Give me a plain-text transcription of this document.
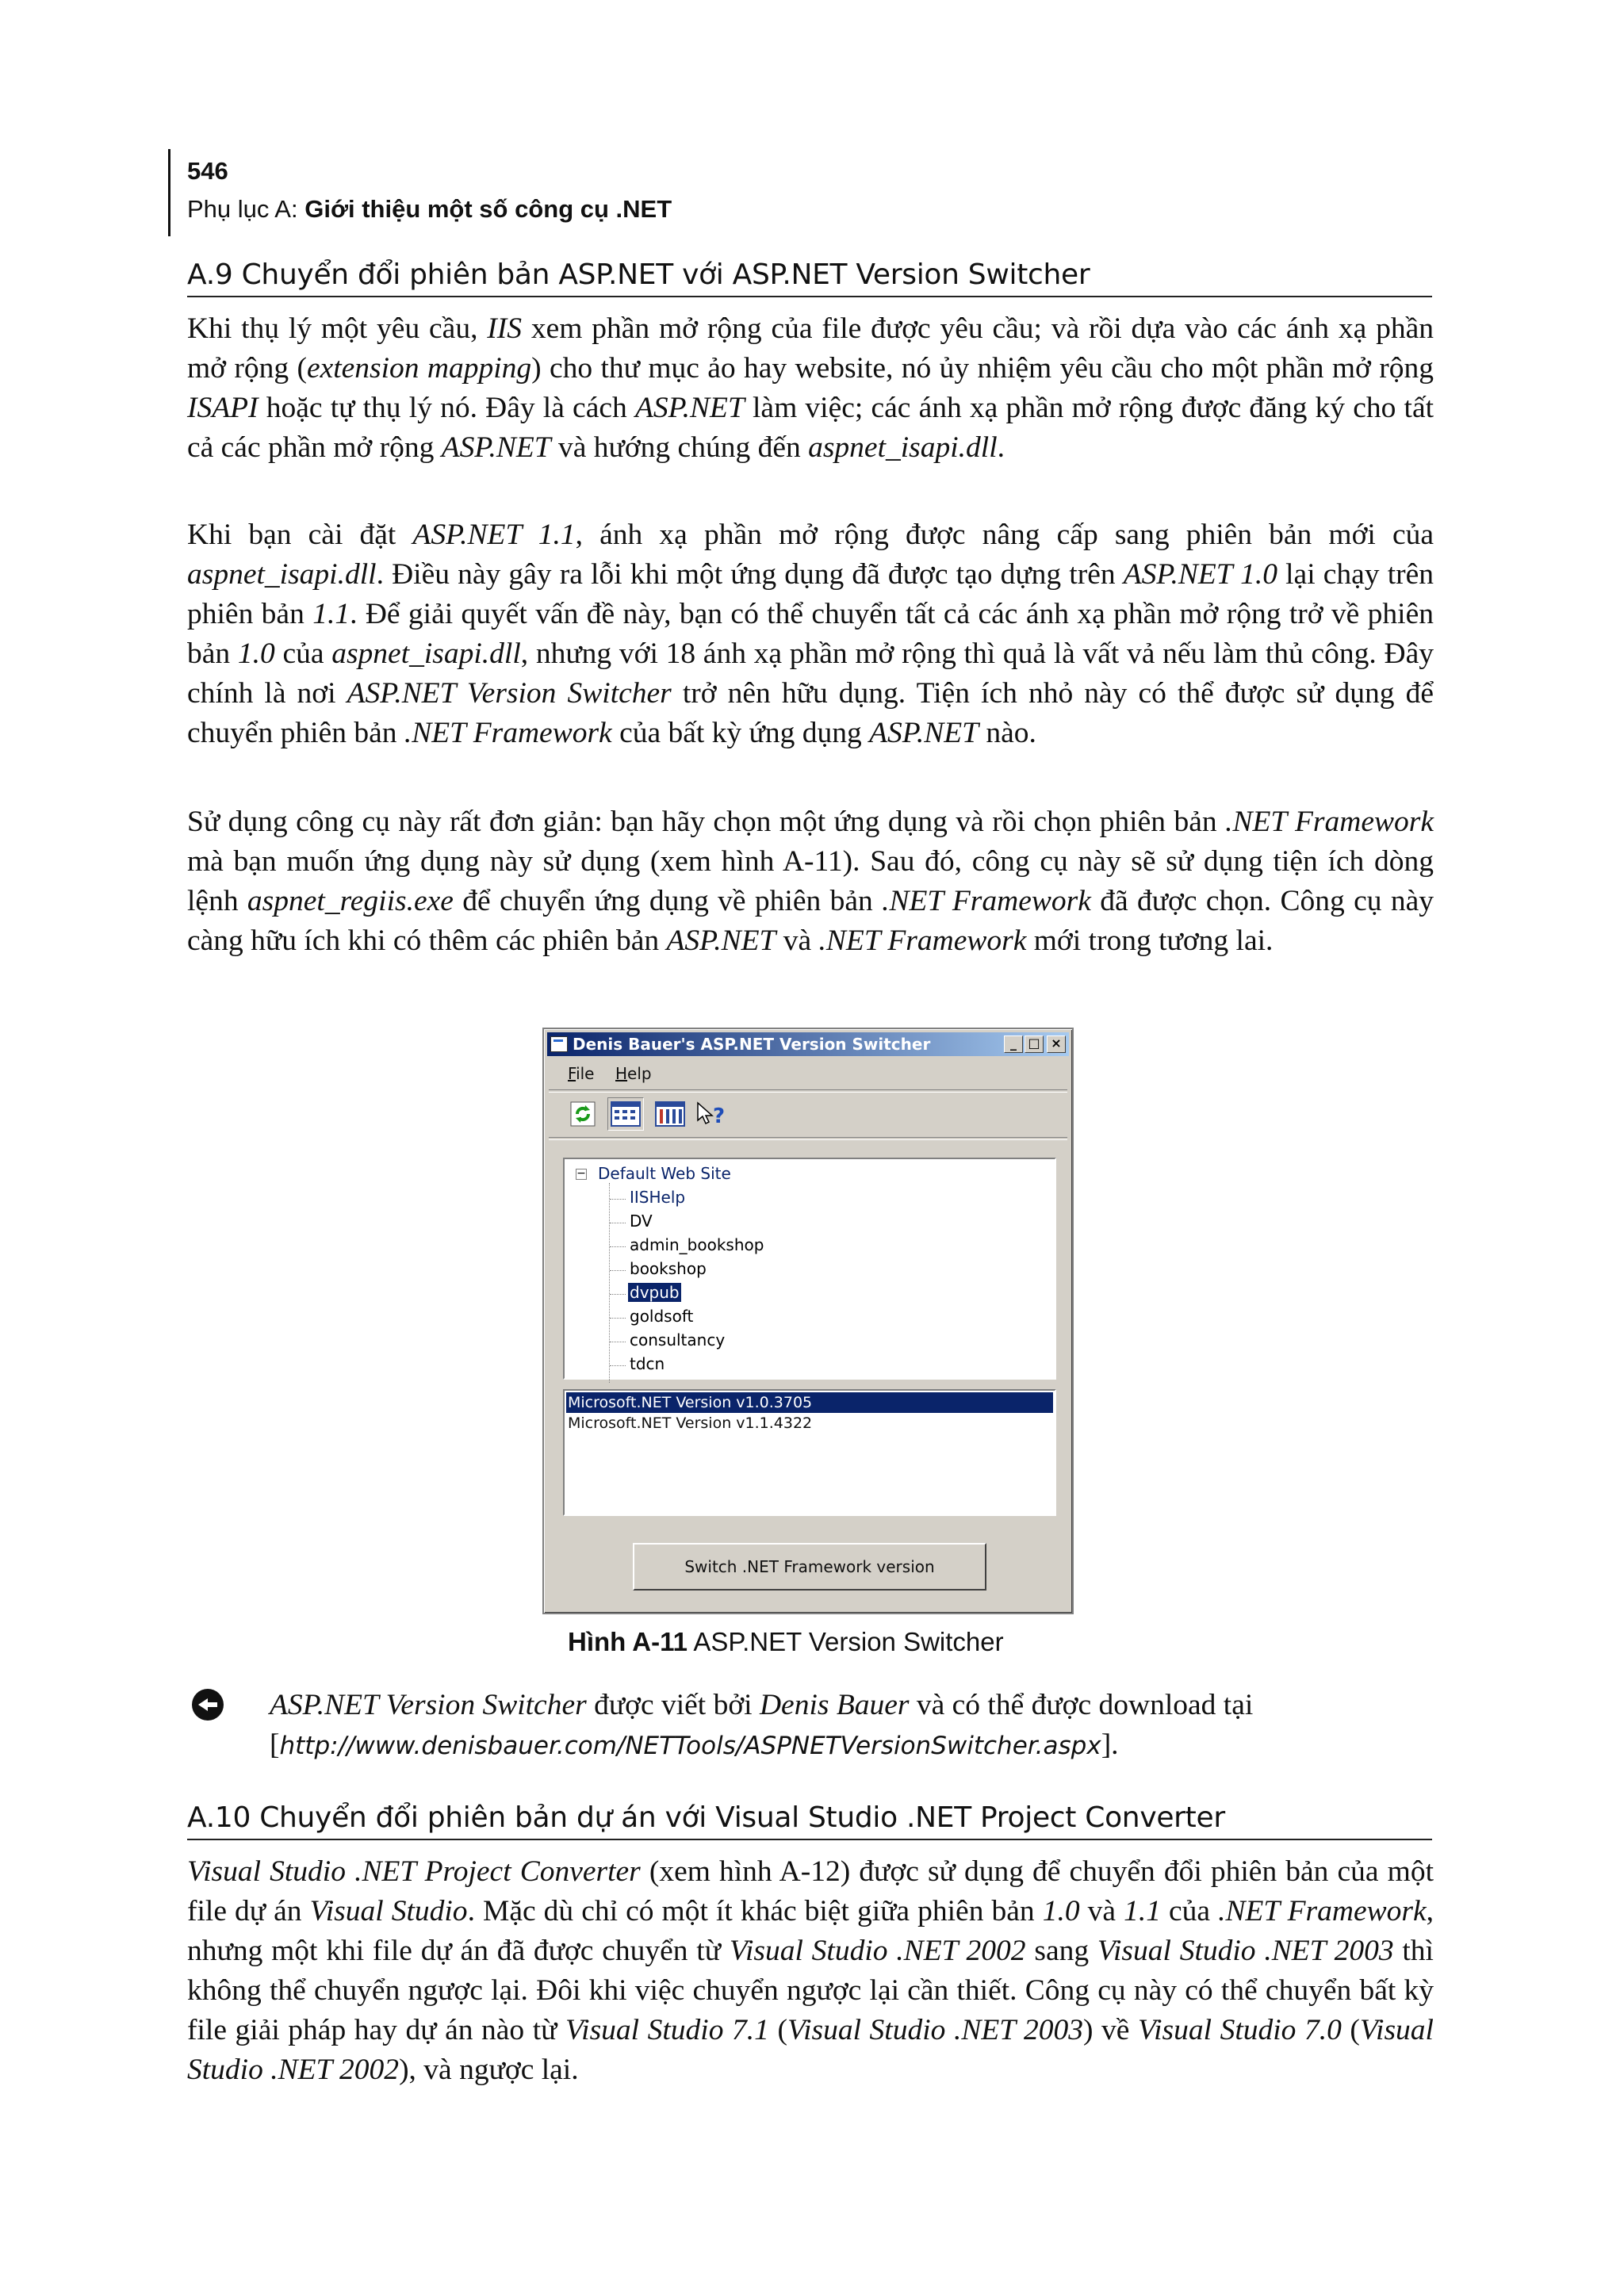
546
Phụ lục A: Giới thiệu một số công cụ .NET
A.9 Chuyển đổi phiên bản ASP.NET với ASP.NET Version Switcher
Khi thụ lý một yêu cầu, IIS xem phần mở rộng của file được yêu cầu; và rồi dựa vào các ánh xạ phần mở rộng (extension mapping) cho thư mục ảo hay website, nó ủy nhiệm yêu cầu cho một phần mở rộng ISAPI hoặc tự thụ lý nó. Đây là cách ASP.NET làm việc; các ánh xạ phần mở rộng được đăng ký cho tất cả các phần mở rộng ASP.NET và hướng chúng đến aspnet_isapi.dll.
Khi bạn cài đặt ASP.NET 1.1, ánh xạ phần mở rộng được nâng cấp sang phiên bản mới của aspnet_isapi.dll. Điều này gây ra lỗi khi một ứng dụng đã được tạo dựng trên ASP.NET 1.0 lại chạy trên phiên bản 1.1. Để giải quyết vấn đề này, bạn có thể chuyển tất cả các ánh xạ phần mở rộng trở về phiên bản 1.0 của aspnet_isapi.dll, nhưng với 18 ánh xạ phần mở rộng thì quả là vất vả nếu làm thủ công. Đây chính là nơi ASP.NET Version Switcher trở nên hữu dụng. Tiện ích nhỏ này có thể được sử dụng để chuyển phiên bản .NET Framework của bất kỳ ứng dụng ASP.NET nào.
Sử dụng công cụ này rất đơn giản: bạn hãy chọn một ứng dụng và rồi chọn phiên bản .NET Framework mà bạn muốn ứng dụng này sử dụng (xem hình A-11). Sau đó, công cụ này sẽ sử dụng tiện ích dòng lệnh aspnet_regiis.exe để chuyển ứng dụng về phiên bản .NET Framework đã được chọn. Công cụ này càng hữu ích khi có thêm các phiên bản ASP.NET và .NET Framework mới trong tương lai.
Denis Bauer's ASP.NET Version Switcher	_ □ ×
File Help
?
− Default Web Site
IISHelp
DV
admin_bookshop
bookshop
dvpub
goldsoft
consultancy
tdcn
Microsoft.NET Version v1.0.3705
Microsoft.NET Version v1.1.4322
Switch .NET Framework version
Hình A-11 ASP.NET Version Switcher
ASP.NET Version Switcher được viết bởi Denis Bauer và có thể được download tại
[http://www.denisbauer.com/NETTools/ASPNETVersionSwitcher.aspx].
A.10 Chuyển đổi phiên bản dự án với Visual Studio .NET Project Converter
Visual Studio .NET Project Converter (xem hình A-12) được sử dụng để chuyển đổi phiên bản của một file dự án Visual Studio. Mặc dù chỉ có một ít khác biệt giữa phiên bản 1.0 và 1.1 của .NET Framework, nhưng một khi file dự án đã được chuyển từ Visual Studio .NET 2002 sang Visual Studio .NET 2003 thì không thể chuyển ngược lại. Đôi khi việc chuyển ngược lại cần thiết. Công cụ này có thể chuyển bất kỳ file giải pháp hay dự án nào từ Visual Studio 7.1 (Visual Studio .NET 2003) về Visual Studio 7.0 (Visual Studio .NET 2002), và ngược lại.
